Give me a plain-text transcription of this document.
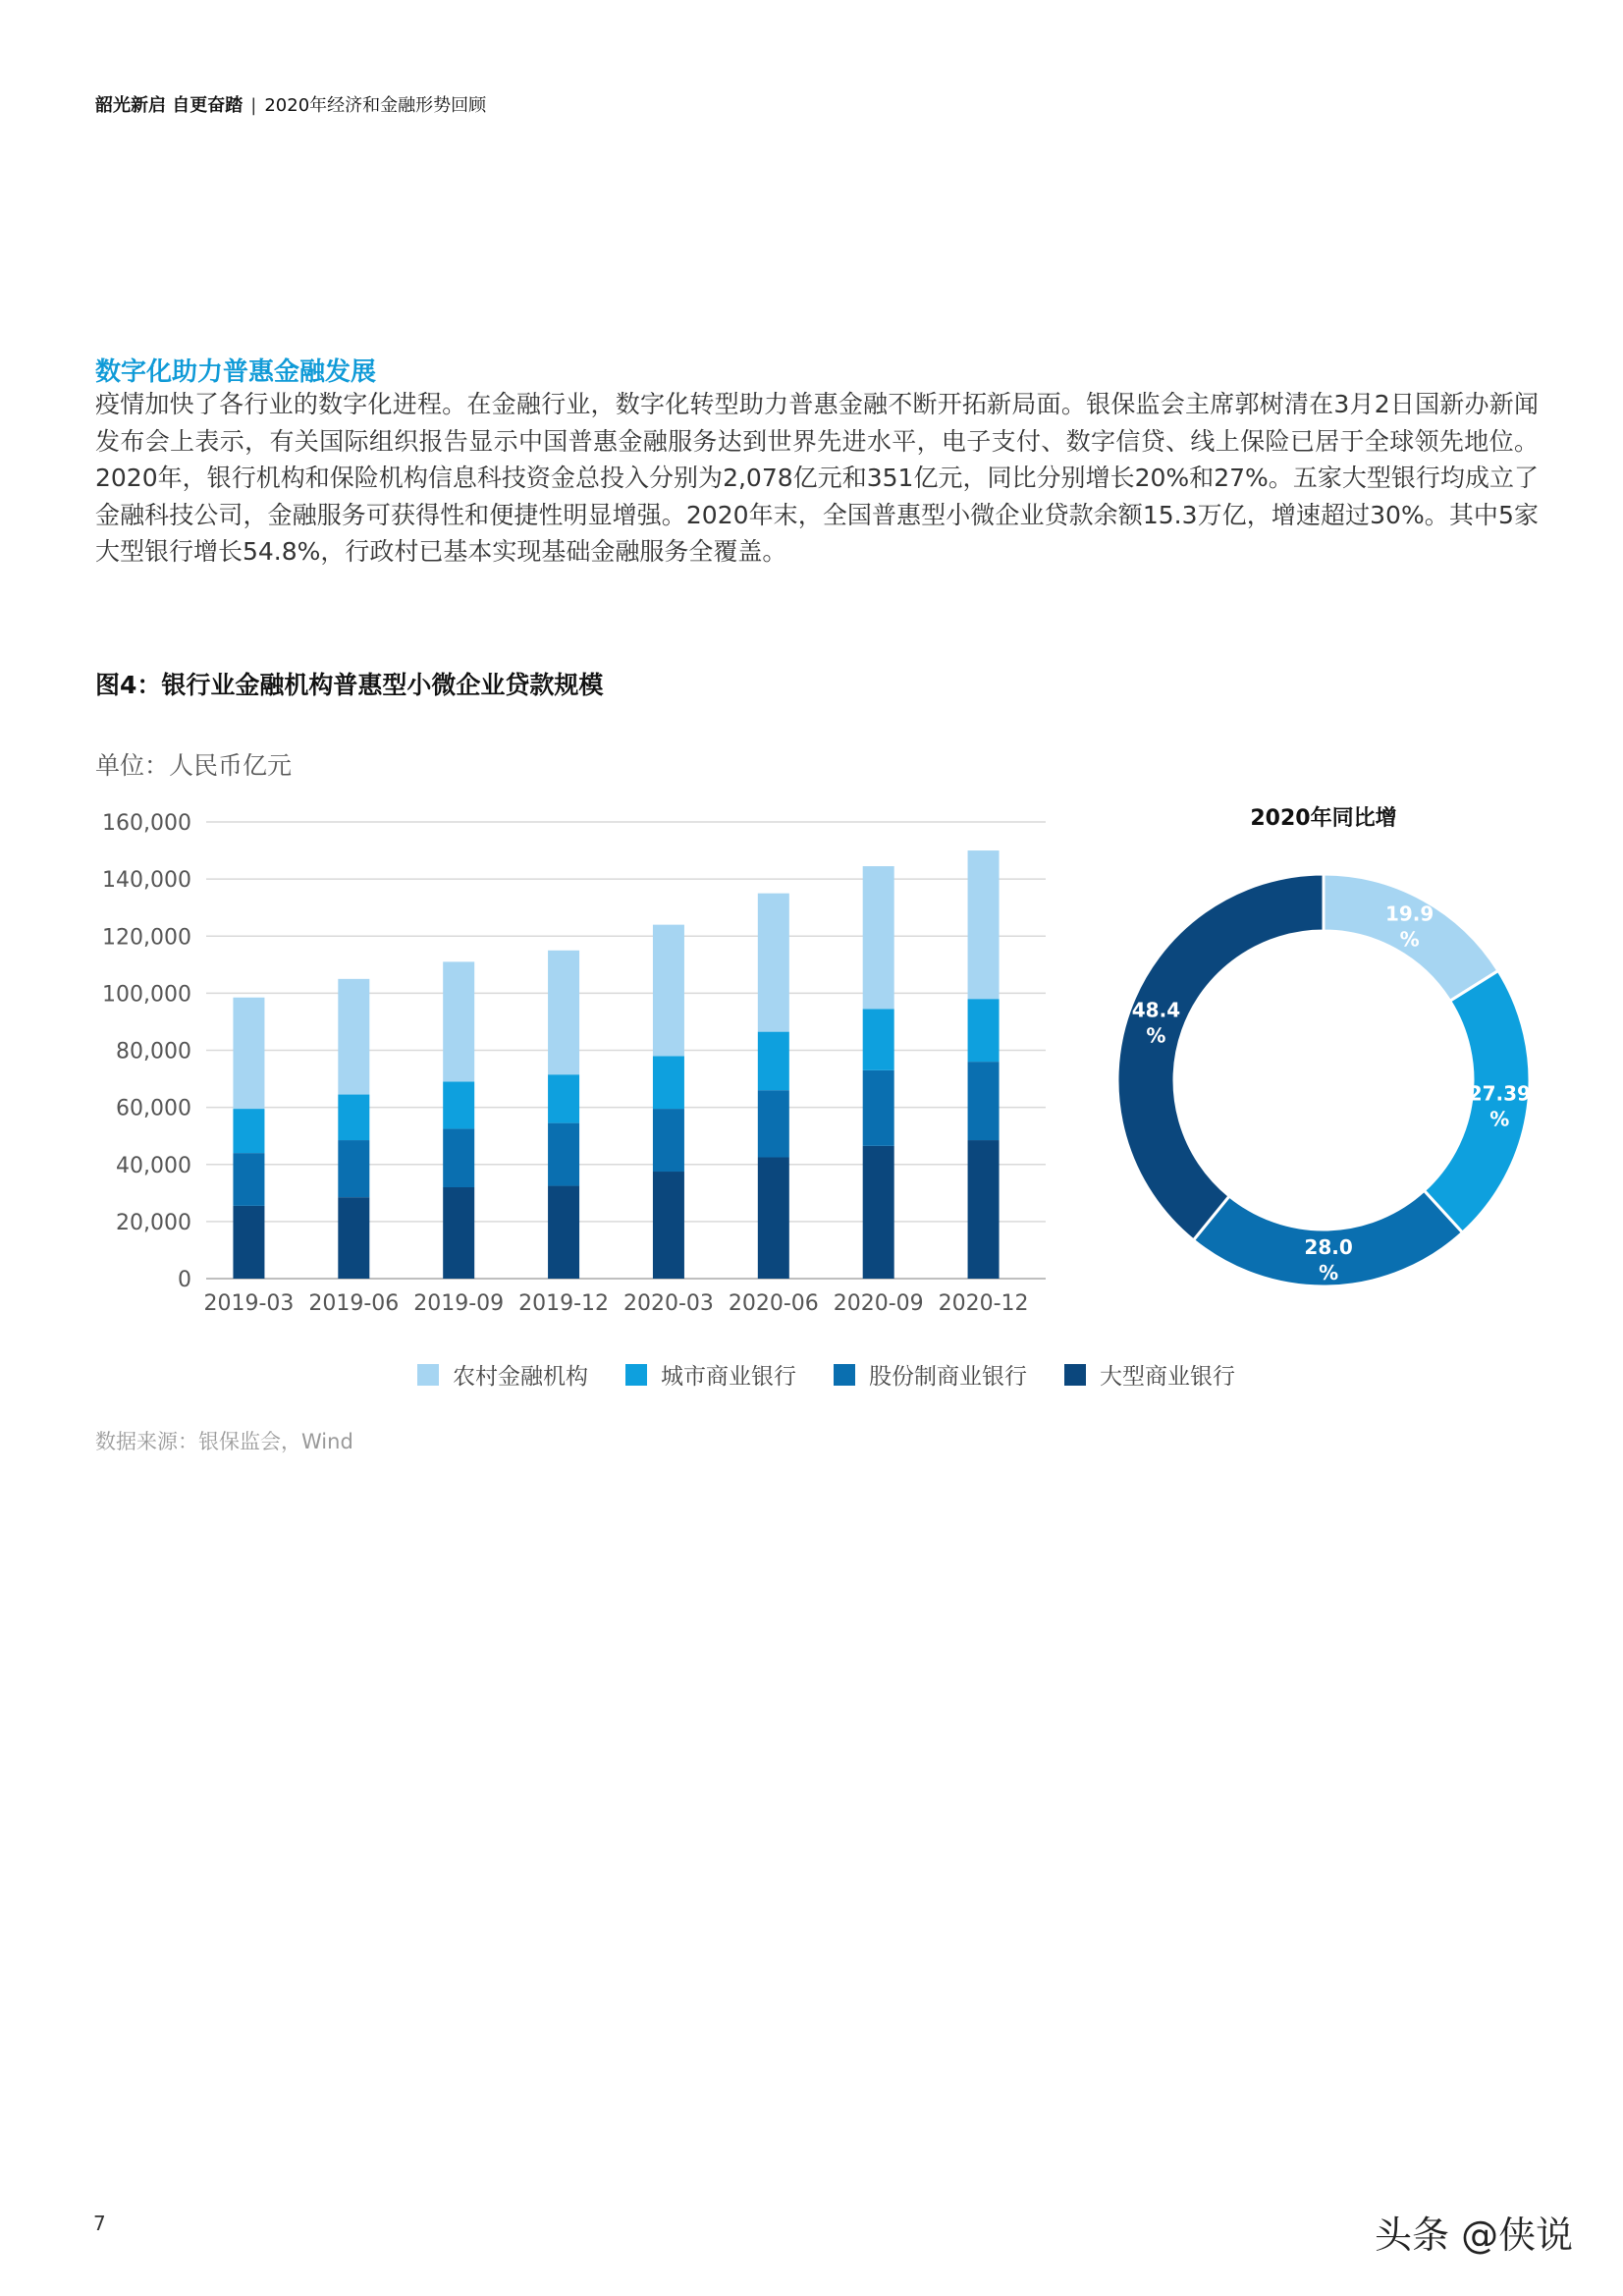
韶光新启 自更奋踏 | 2020年经济和金融形势回顾
数字化助力普惠金融发展

疫情加快了各行业的数字化进程。在金融行业，数字化转型助力普惠金融不断开拓新局面。银保监会主席郭树清在3月2日国新办新闻发布会上表示，有关国际组织报告显示中国普惠金融服务达到世界先进水平，电子支付、数字信贷、线上保险已居于全球领先地位。2020年，银行机构和保险机构信息科技资金总投入分别为2,078亿元和351亿元，同比分别增长20%和27%。五家大型银行均成立了金融科技公司，金融服务可获得性和便捷性明显增强。2020年末，全国普惠型小微企业贷款余额15.3万亿，增速超过30%。其中5家大型银行增长54.8%，行政村已基本实现基础金融服务全覆盖。

图4：银行业金融机构普惠型小微企业贷款规模
单位：人民币亿元
0
20,000
40,000
60,000
80,000
100,000
120,000
140,000
160,000
2019-03 2019-06 2019-09 2019-12 2020-03 2020-06 2020-09 2020-12
2020年同比增
19.9
%
27.39
%
28.0
%
48.4
%
农村金融机构	城市商业银行	股份制商业银行	大型商业银行
数据来源：银保监会，Wind
7	头条 @侠说
